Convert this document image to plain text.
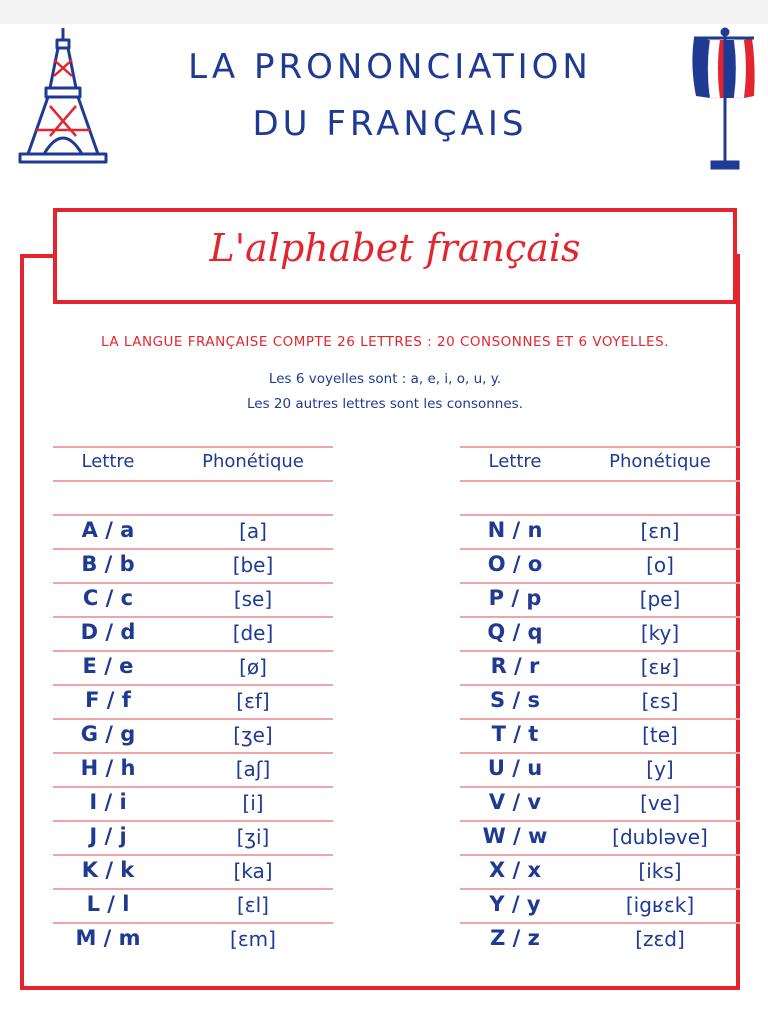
LA PRONONCIATION
DU FRANÇAIS
L'alphabet français
LA LANGUE FRANÇAISE COMPTE 26 LETTRES : 20 CONSONNES ET 6 VOYELLES.
Les 6 voyelles sont : a, e, i, o, u, y.
Les 20 autres lettres sont les consonnes.
Lettre	Phonétique
A / a	[a]
B / b	[be]
C / c	[se]
D / d	[de]
E / e	[ø]
F / f	[ɛf]
G / g	[ʒe]
H / h	[aʃ]
I / i	[i]
J / j	[ʒi]
K / k	[ka]
L / l	[ɛl]
M / m	[ɛm]
Lettre	Phonétique
N / n	[ɛn]
O / o	[o]
P / p	[pe]
Q / q	[ky]
R / r	[ɛʁ]
S / s	[ɛs]
T / t	[te]
U / u	[y]
V / v	[ve]
W / w	[dubləve]
X / x	[iks]
Y / y	[igʁɛk]
Z / z	[zɛd]
